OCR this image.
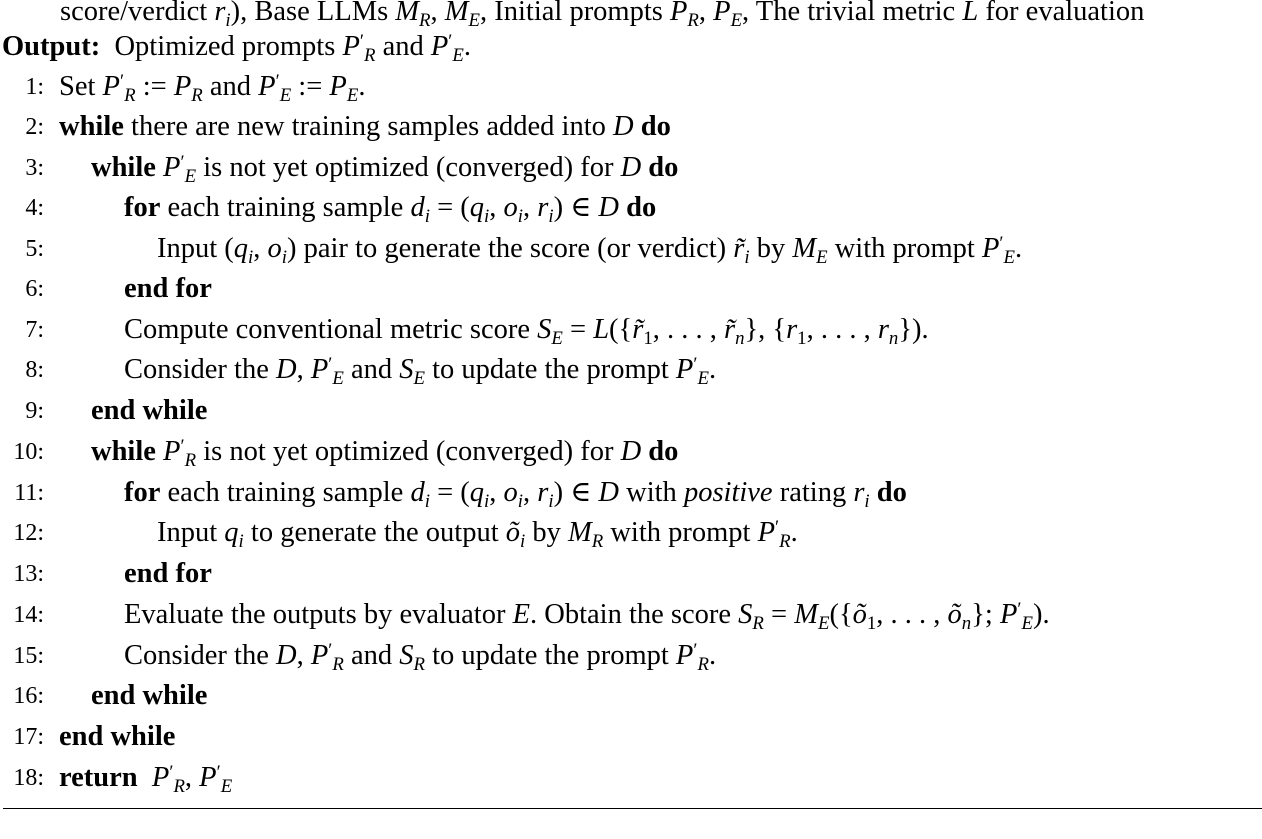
score/verdict $r_i$), Base LLMs $M_R$, $M_E$, Initial prompts $P_R$, $P_E$, The trivial metric L for evaluation
Output:  Optimized prompts $P'_R$ and $P'_E$.
1: Set $P'_R$ := $P_R$ and $P'_E$ := $P_E$.
2: while there are new training samples added into D do
3: while $P'_E$ is not yet optimized (converged) for D do
4:	for each training sample $d_i = (q_i$, $o_i$, $r_i$) ∈ D do
5:	Input ($q_i$, $o_i$) pair to generate the score (or verdict) $r̃_i$ by $M_E$ with prompt $P'_E$.
6:	end for
7:	Compute conventional metric score $S_E$ = $L(\{r̃_1$, . . . , $r̃_n$}, {$r_1$, . . . , $r_n$}).
8:	Consider the D, $P'_E$ and $S_E$ to update the prompt $P'_E$.
9: end while
10: while $P'_R$ is not yet optimized (converged) for D do
11:	for each training sample $d_i = (q_i$, $o_i$, $r_i$) ∈ D with positive rating $r_i$ do
12:	Input $q_i$ to generate the output $õ_i$ by $M_R$ with prompt $P'_R$.
13:	end for
14:	Evaluate the outputs by evaluator E. Obtain the score $S_R$ = $M_E(\{õ_1$, . . . , $õ_n$}; $P'_E$).
15:	Consider the D, $P'_R$ and $S_R$ to update the prompt $P'_R$.
16: end while
17: end while
18: return $P'_R$, $P'_E$
